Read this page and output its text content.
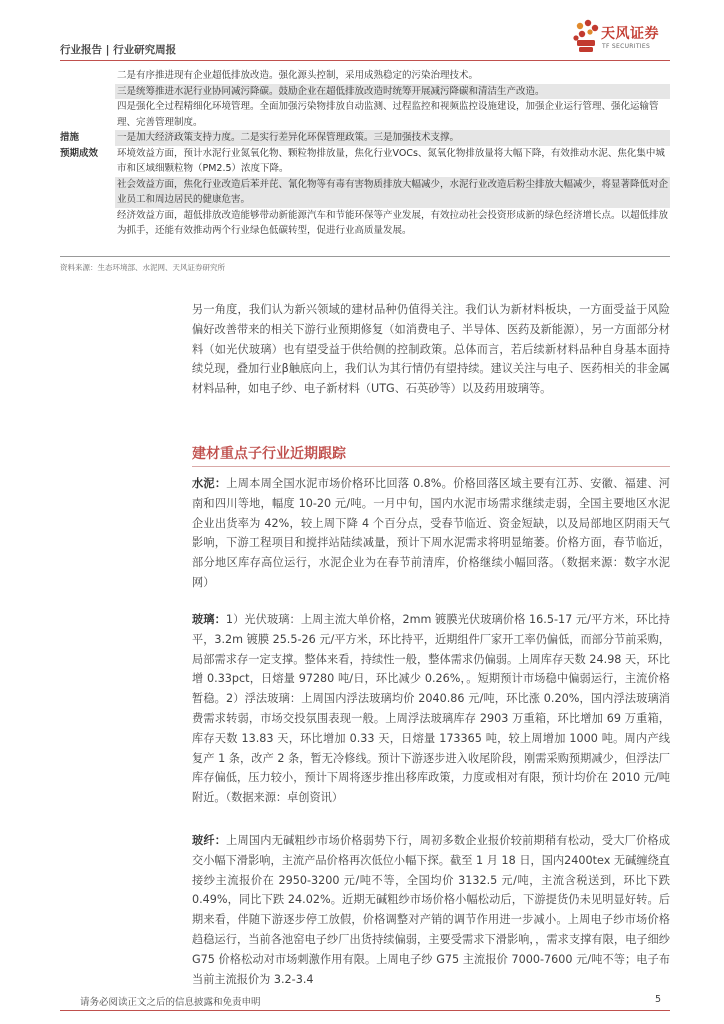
行业报告 | 行业研究周报
天风证券
TF SECURITIES
二是有序推进现有企业超低排放改造。强化源头控制，采用成熟稳定的污染治理技术。
三是统筹推进水泥行业协同减污降碳。鼓励企业在超低排放改造时统筹开展减污降碳和清洁生产改造。
四是强化全过程精细化环境管理。全面加强污染物排放自动监测、过程监控和视频监控设施建设，加强企业运行管理、强化运输管理、完善管理制度。
措施	一是加大经济政策支持力度。二是实行差异化环保管理政策。三是加强技术支撑。
预期成效	环境效益方面，预计水泥行业氮氧化物、颗粒物排放量，焦化行业VOCs、氮氧化物排放量将大幅下降，有效推动水泥、焦化集中城市和区域细颗粒物（PM2.5）浓度下降。
社会效益方面，焦化行业改造后苯并芘、氰化物等有毒有害物质排放大幅减少，水泥行业改造后粉尘排放大幅减少，将显著降低对企业员工和周边居民的健康危害。
经济效益方面，超低排放改造能够带动新能源汽车和节能环保等产业发展，有效拉动社会投资形成新的绿色经济增长点。以超低排放为抓手，还能有效推动两个行业绿色低碳转型，促进行业高质量发展。
资料来源：生态环境部、水泥网、天风证券研究所

另一角度，我们认为新兴领域的建材品种仍值得关注。我们认为新材料板块，一方面受益于风险偏好改善带来的相关下游行业预期修复（如消费电子、半导体、医药及新能源），另一方面部分材料（如光伏玻璃）也有望受益于供给侧的控制政策。总体而言，若后续新材料品种自身基本面持续兑现，叠加行业β触底向上，我们认为其行情仍有望持续。建议关注与电子、医药相关的非金属材料品种，如电子纱、电子新材料（UTG、石英砂等）以及药用玻璃等。

建材重点子行业近期跟踪

水泥：上周本周全国水泥市场价格环比回落 0.8%。价格回落区域主要有江苏、安徽、福建、河南和四川等地，幅度 10-20 元/吨。一月中旬，国内水泥市场需求继续走弱，全国主要地区水泥企业出货率为 42%，较上周下降 4 个百分点，受春节临近、资金短缺，以及局部地区阴雨天气影响，下游工程项目和搅拌站陆续减量，预计下周水泥需求将明显缩萎。价格方面，春节临近，部分地区库存高位运行，水泥企业为在春节前清库，价格继续小幅回落。（数据来源：数字水泥网）

玻璃：1）光伏玻璃：上周主流大单价格，2mm 镀膜光伏玻璃价格 16.5-17 元/平方米，环比持平，3.2m 镀膜 25.5-26 元/平方米，环比持平，近期组件厂家开工率仍偏低，而部分节前采购，局部需求存一定支撑。整体来看，持续性一般，整体需求仍偏弱。上周库存天数 24.98 天，环比增 0.33pct，日熔量 97280 吨/日，环比减少 0.26%，。短期预计市场稳中偏弱运行，主流价格暂稳。2）浮法玻璃：上周国内浮法玻璃均价 2040.86 元/吨，环比涨 0.20%，国内浮法玻璃消费需求转弱，市场交投氛围表现一般。上周浮法玻璃库存 2903 万重箱，环比增加 69 万重箱，库存天数 13.83 天，环比增加 0.33 天，日熔量 173365 吨，较上周增加 1000 吨。周内产线复产 1 条，改产 2 条，暂无冷修线。预计下游逐步进入收尾阶段，刚需采购预期减少，但浮法厂库存偏低，压力较小，预计下周将逐步推出移库政策，力度或相对有限，预计均价在 2010 元/吨附近。（数据来源：卓创资讯）

玻纤：上周国内无碱粗纱市场价格弱势下行，周初多数企业报价较前期稍有松动，受大厂价格成交小幅下滑影响，主流产品价格再次低位小幅下探。截至 1 月 18 日，国内2400tex 无碱缠绕直接纱主流报价在 2950-3200 元/吨不等，全国均价 3132.5 元/吨，主流含税送到，环比下跌 0.49%，同比下跌 24.02%。近期无碱粗纱市场价格小幅松动后，下游提货仍未见明显好转。后期来看，伴随下游逐步停工放假，价格调整对产销的调节作用进一步减小。上周电子纱市场价格趋稳运行，当前各池窑电子纱厂出货持续偏弱，主要受需求下滑影响，，需求支撑有限，电子细纱 G75 价格松动对市场刺激作用有限。上周电子纱 G75 主流报价 7000-7600 元/吨不等；电子布当前主流报价为 3.2-3.4

请务必阅读正文之后的信息披露和免责申明	5
